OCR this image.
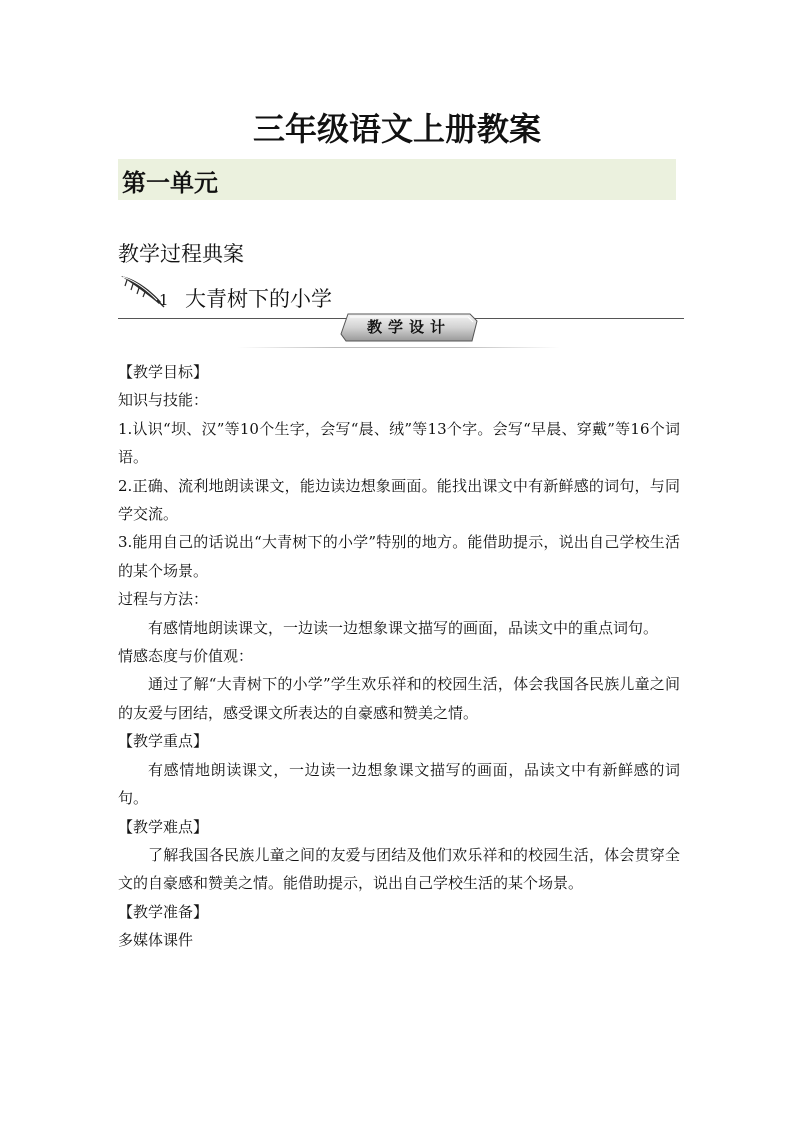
三年级语文上册教案
第一单元
教学过程典案
1 大青树下的小学
教学设计

【教学目标】

知识与技能：

1.认识“坝、汉”等10个生字，会写“晨、绒”等13个字。会写“早晨、穿戴”等16个词语。

2.正确、流利地朗读课文，能边读边想象画面。能找出课文中有新鲜感的词句，与同学交流。

3.能用自己的话说出“大青树下的小学”特别的地方。能借助提示，说出自己学校生活的某个场景。

过程与方法：

有感情地朗读课文，一边读一边想象课文描写的画面，品读文中的重点词句。

情感态度与价值观：

通过了解“大青树下的小学”学生欢乐祥和的校园生活，体会我国各民族儿童之间的友爱与团结，感受课文所表达的自豪感和赞美之情。

【教学重点】

有感情地朗读课文，一边读一边想象课文描写的画面，品读文中有新鲜感的词句。

【教学难点】

了解我国各民族儿童之间的友爱与团结及他们欢乐祥和的校园生活，体会贯穿全文的自豪感和赞美之情。能借助提示，说出自己学校生活的某个场景。

【教学准备】

多媒体课件
